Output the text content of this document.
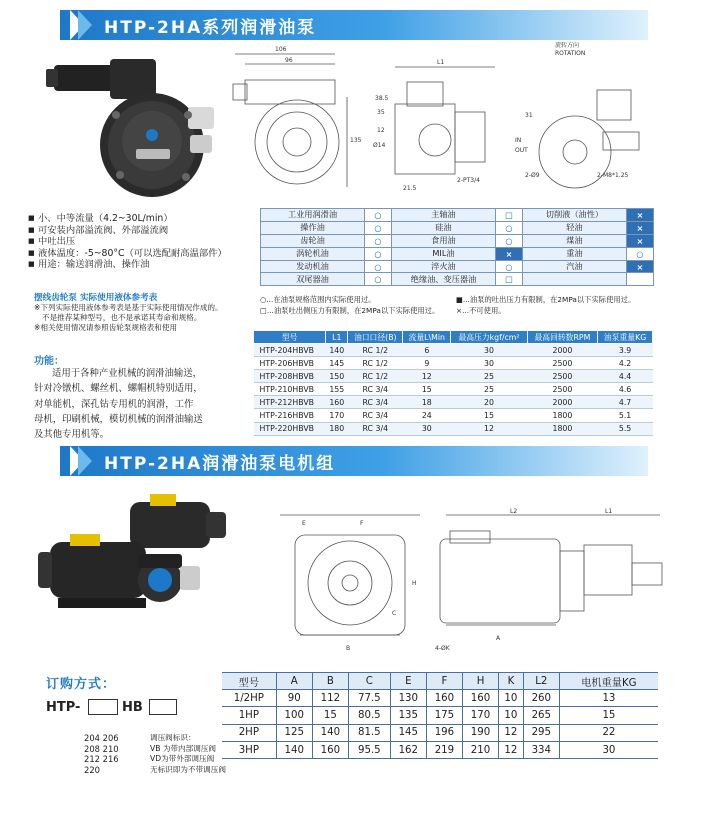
HTP-2HA系列润滑油泵
106
96	L1
135
38.5
35
12
Ø14
21.5
2-PT3/4
31
2-Ø9	2-M8*1.25
旋转方向
ROTATION
IN
OUT
■ 小、中等流量（4.2~30L/min）
■ 可安装内部溢流阀、外部溢流阀
■ 中吐出压
■ 液体温度：-5~80°C（可以选配耐高温部件）
■ 用途：输送润滑油、操作油
摆线齿轮泵 实际使用液体参考表
※下列实际使用液体参考表是基于实际使用情况作成的。
不是推荐某种型号，也不是承诺其寿命和规格。
※相关使用情况请参照齿轮泵规格表和使用
功能：
适用于各种产业机械的润滑油输送，
针对冷镦机、螺丝机、螺帽机特别适用，
对单能机，深孔钻专用机的润滑，工作
母机，印刷机械，模切机械的润滑油输送
及其他专用机等。
工业用润滑油	○	主轴油	□	切削液（油性）	×
操作油	○	硅油	○	轻油	×
齿轮油	○	食用油	○	煤油	×
涡轮机油	○	MIL油	×	重油	○
发动机油	○	淬火油	○	汽油	×
双尾器油	○	绝缘油、变压器油	□		
○...在油泵规格范围内实际使用过。	■...油泵的吐出压力有限制，在2MPa以下实际使用过。
□...油泵吐出侧压力有限制，在2MPa以下实际使用过。 ×...不可使用。
型号	L1	油口口径(B)	流量L\Min	最高压力kgf/cm²	最高回转数RPM	油泵重量KG
HTP-204HBVB	140	RC 1/2	6	30	2000	3.9
HTP-206HBVB	145	RC 1/2	9	30	2500	4.2
HTP-208HBVB	150	RC 1/2	12	25	2500	4.4
HTP-210HBVB	155	RC 3/4	15	25	2500	4.6
HTP-212HBVB	160	RC 3/4	18	20	2000	4.7
HTP-216HBVB	170	RC 3/4	24	15	1800	5.1
HTP-220HBVB	180	RC 3/4	30	12	1800	5.5
HTP-2HA润滑油泵电机组
E	F
L2	L1
H
C
B
A
4-ØK
订购方式：
HTP-	HB
204 206
208 210
212 216
220
调压阀标识：
VB 为带内部调压阀
VD为带外部调压阀
无标识即为不带调压阀
型号	A	B	C	E	F	H	K	L2	电机重量KG
1/2HP	90	112	77.5	130	160	160	10	260	13
1HP	100	15	80.5	135	175	170	10	265	15
2HP	125	140	81.5	145	196	190	12	295	22
3HP	140	160	95.5	162	219	210	12	334	30
